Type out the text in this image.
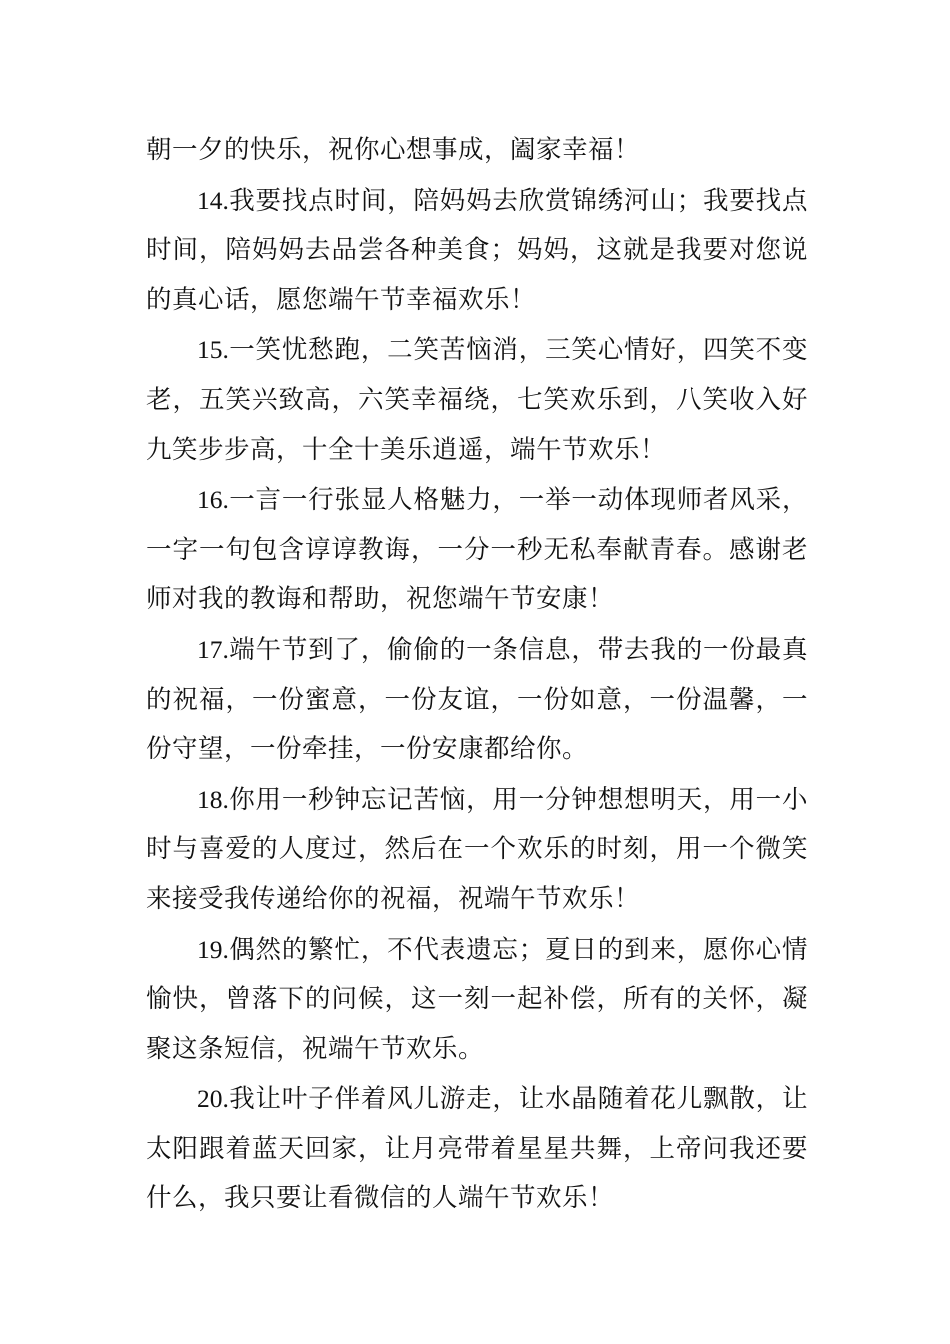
朝一夕的快乐，祝你心想事成，阖家幸福！

14.我要找点时间，陪妈妈去欣赏锦绣河山；我要找点时间，陪妈妈去品尝各种美食；妈妈，这就是我要对您说的真心话，愿您端午节幸福欢乐！

15.一笑忧愁跑，二笑苦恼消，三笑心情好，四笑不变老，五笑兴致高，六笑幸福绕，七笑欢乐到，八笑收入好九笑步步高，十全十美乐逍遥，端午节欢乐！

16.一言一行张显人格魅力，一举一动体现师者风采，一字一句包含谆谆教诲，一分一秒无私奉献青春。感谢老师对我的教诲和帮助，祝您端午节安康！

17.端午节到了，偷偷的一条信息，带去我的一份最真的祝福，一份蜜意，一份友谊，一份如意，一份温馨，一份守望，一份牵挂，一份安康都给你。

18.你用一秒钟忘记苦恼，用一分钟想想明天，用一小时与喜爱的人度过，然后在一个欢乐的时刻，用一个微笑来接受我传递给你的祝福，祝端午节欢乐！

19.偶然的繁忙，不代表遗忘；夏日的到来，愿你心情愉快，曾落下的问候，这一刻一起补偿，所有的关怀，凝聚这条短信，祝端午节欢乐。

20.我让叶子伴着风儿游走，让水晶随着花儿飘散，让太阳跟着蓝天回家，让月亮带着星星共舞，上帝问我还要什么，我只要让看微信的人端午节欢乐！
